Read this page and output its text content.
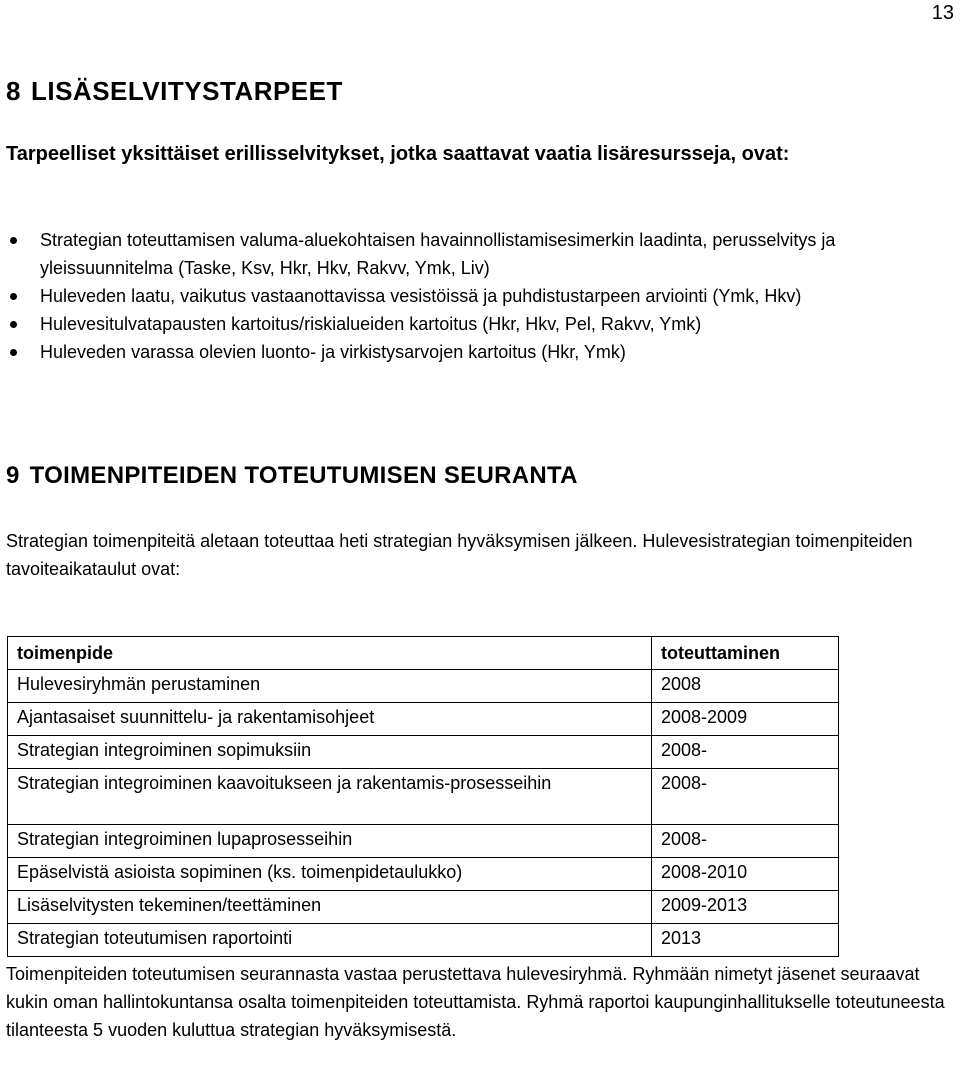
13
8 LISÄSELVITYSTARPEET

Tarpeelliset yksittäiset erillisselvitykset, jotka saattavat vaatia lisäresursseja, ovat:

Strategian toteuttamisen valuma-aluekohtaisen havainnollistamisesimerkin laadinta, perusselvitys ja yleissuunnitelma (Taske, Ksv, Hkr, Hkv, Rakvv, Ymk, Liv)
Huleveden laatu, vaikutus vastaanottavissa vesistöissä ja puhdistustarpeen arviointi (Ymk, Hkv)
Hulevesitulvatapausten kartoitus/riskialueiden kartoitus (Hkr, Hkv, Pel, Rakvv, Ymk)
Huleveden varassa olevien luonto- ja virkistysarvojen kartoitus (Hkr, Ymk)
9 TOIMENPITEIDEN TOTEUTUMISEN SEURANTA

Strategian toimenpiteitä aletaan toteuttaa heti strategian hyväksymisen jälkeen. Hulevesistrategian toimenpiteiden tavoiteaikataulut ovat:

toimenpide	toteuttaminen
Hulevesiryhmän perustaminen	2008
Ajantasaiset suunnittelu- ja rakentamisohjeet	2008-2009
Strategian integroiminen sopimuksiin	2008-
Strategian integroiminen kaavoitukseen ja rakentamis-prosesseihin	2008-
Strategian integroiminen lupaprosesseihin	2008-
Epäselvistä asioista sopiminen (ks. toimenpidetaulukko)	2008-2010
Lisäselvitysten tekeminen/teettäminen	2009-2013
Strategian toteutumisen raportointi	2013

Toimenpiteiden toteutumisen seurannasta vastaa perustettava hulevesiryhmä. Ryhmään nimetyt jäsenet seuraavat kukin oman hallintokuntansa osalta toimenpiteiden toteuttamista. Ryhmä raportoi kaupunginhallitukselle toteutuneesta tilanteesta 5 vuoden kuluttua strategian hyväksymisestä.
